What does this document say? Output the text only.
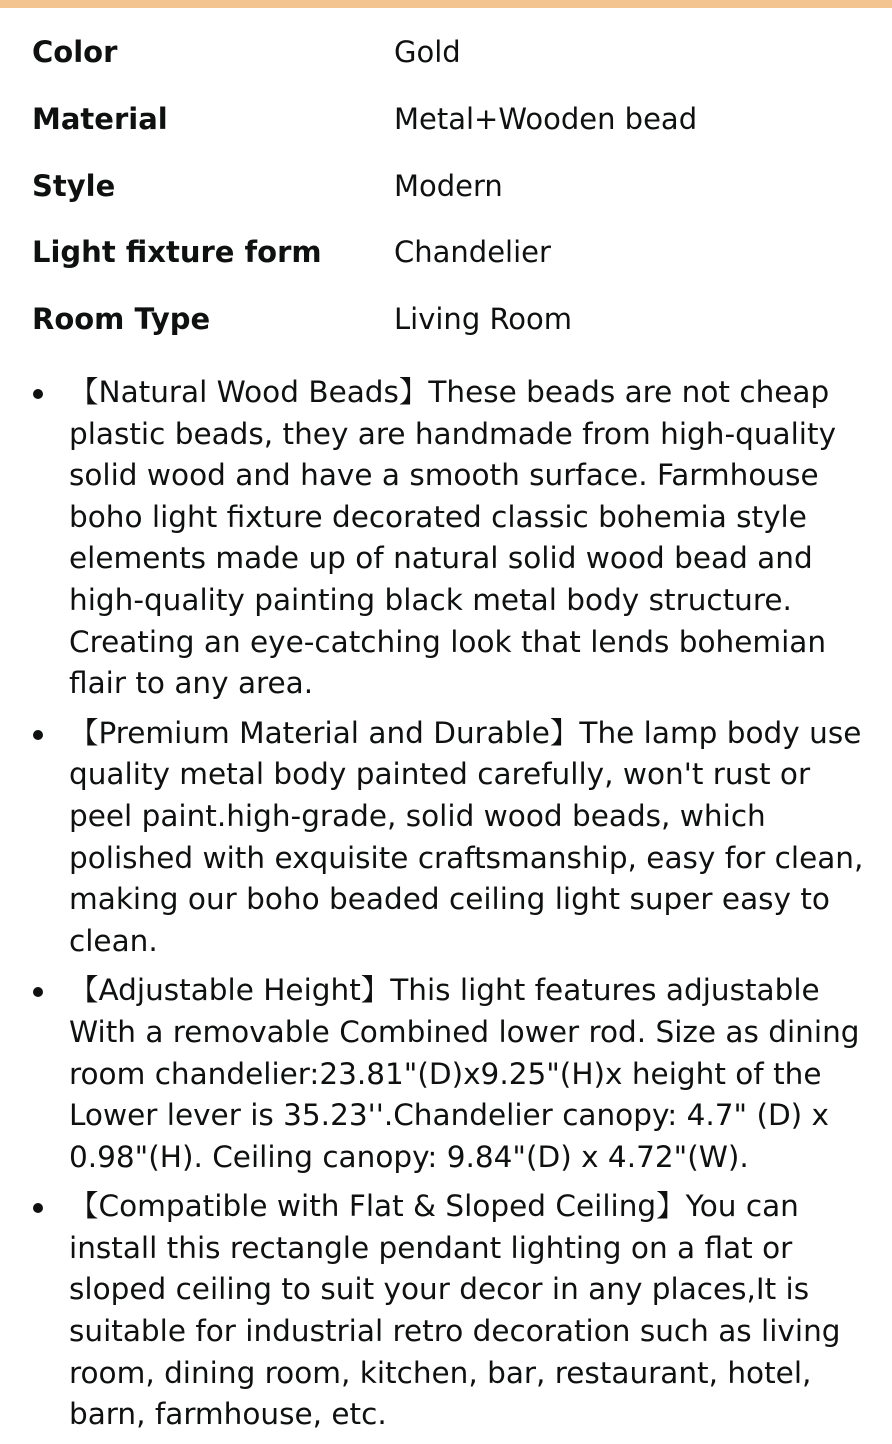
Color	Gold
Material	Metal+Wooden bead
Style	Modern
Light fixture form	Chandelier
Room Type	Living Room
【Natural Wood Beads】These beads are not cheap plastic beads, they are handmade from high-quality solid wood and have a smooth surface. Farmhouse boho light fixture decorated classic bohemia style elements made up of natural solid wood bead and high-quality painting black metal body structure. Creating an eye-catching look that lends bohemian flair to any area.
【Premium Material and Durable】The lamp body use quality metal body painted carefully, won't rust or peel paint.high-grade, solid wood beads, which polished with exquisite craftsmanship, easy for clean, making our boho beaded ceiling light super easy to clean.
【Adjustable Height】This light features adjustable With a removable Combined lower rod. Size as dining room chandelier:23.81"(D)x9.25"(H)x height of the Lower lever is 35.23''.Chandelier canopy: 4.7" (D) x 0.98"(H). Ceiling canopy: 9.84"(D) x 4.72"(W).
【Compatible with Flat & Sloped Ceiling】You can install this rectangle pendant lighting on a flat or sloped ceiling to suit your decor in any places,It is suitable for industrial retro decoration such as living room, dining room, kitchen, bar, restaurant, hotel, barn, farmhouse, etc.
